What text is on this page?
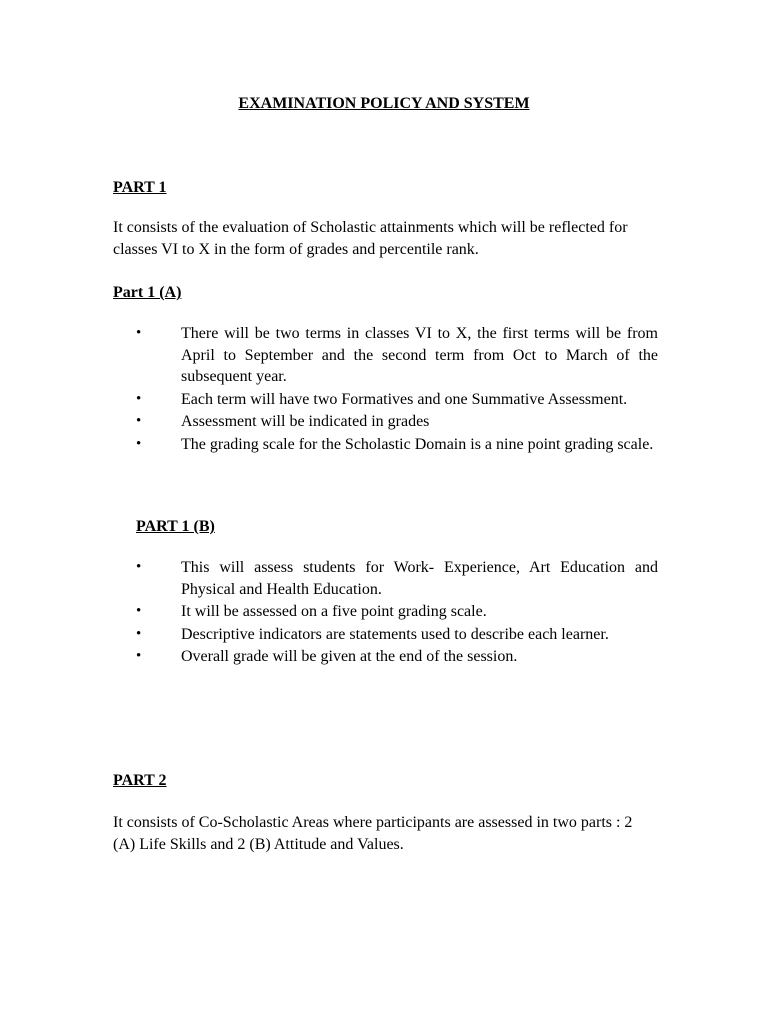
EXAMINATION POLICY AND SYSTEM
PART 1
It consists of the evaluation of Scholastic attainments which will be reflected for classes VI to X in the form of grades and percentile rank.
Part 1 (A)
• There will be two terms in classes VI to X, the first terms will be from April to September and the second term from Oct to March of the subsequent year.
• Each term will have two Formatives and one Summative Assessment.
• Assessment will be indicated in grades
• The grading scale for the Scholastic Domain is a nine point grading scale.
PART 1 (B)
• This will assess students for Work- Experience, Art Education and Physical and Health Education.
• It will be assessed on a five point grading scale.
• Descriptive indicators are statements used to describe each learner.
• Overall grade will be given at the end of the session.
PART 2
It consists of Co-Scholastic Areas where participants are assessed in two parts : 2 (A) Life Skills and 2 (B) Attitude and Values.
